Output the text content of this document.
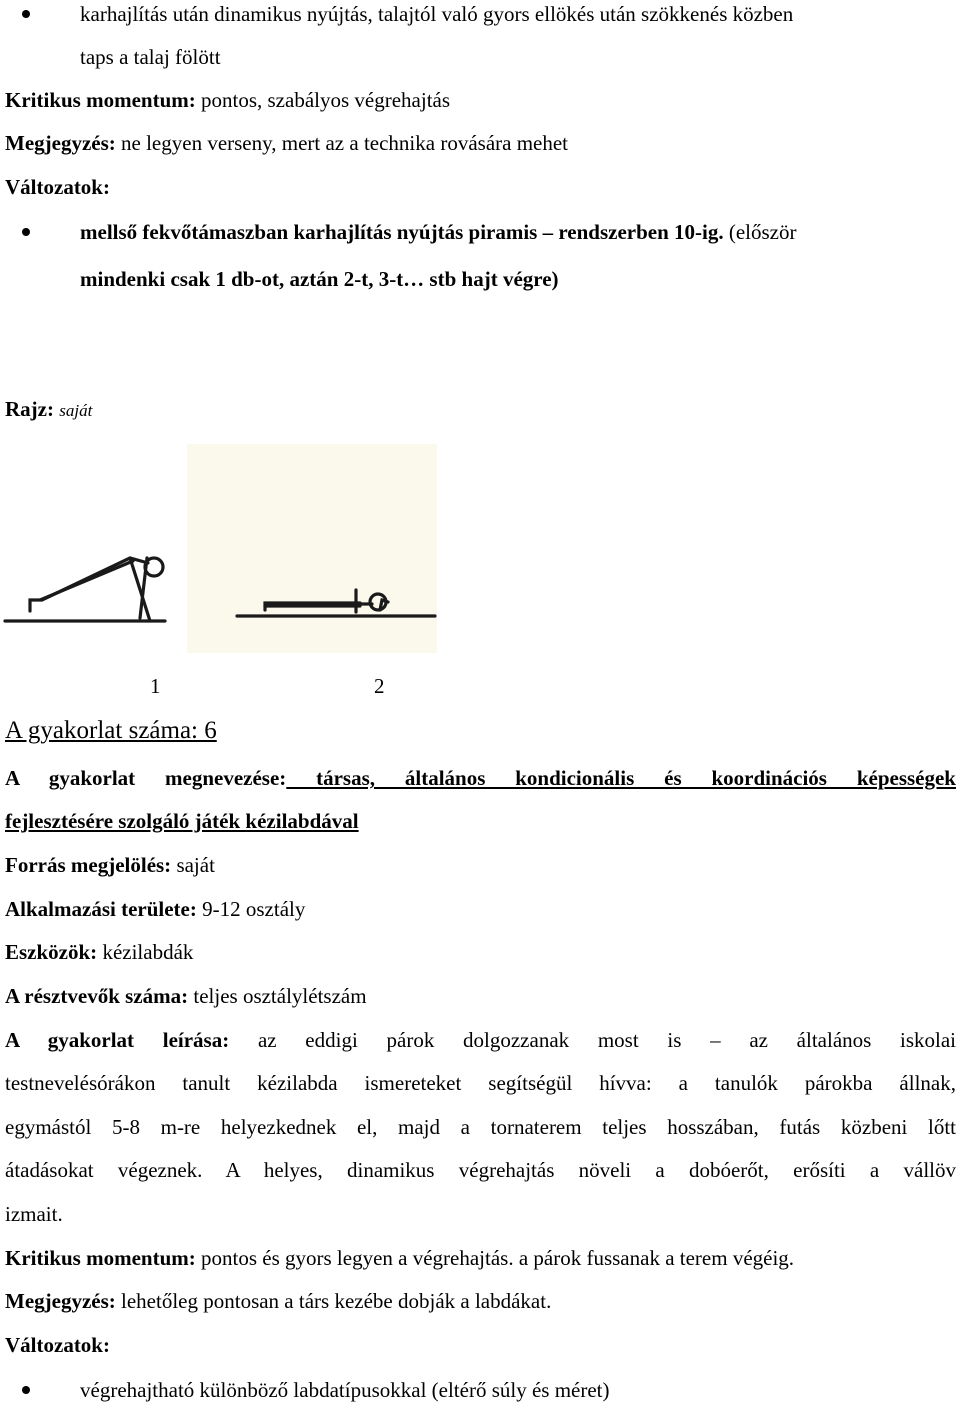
karhajlítás után dinamikus nyújtás, talajtól való gyors ellökés után szökkenés közben
taps a talaj fölött
Kritikus momentum: pontos, szabályos végrehajtás
Megjegyzés: ne legyen verseny, mert az a technika rovására mehet
Változatok:
mellső fekvőtámaszban karhajlítás nyújtás piramis – rendszerben 10-ig. (először
mindenki csak 1 db-ot, aztán 2-t, 3-t… stb hajt végre)
Rajz: saját
1	2
A gyakorlat száma: 6
A gyakorlat megnevezése: társas, általános kondicionális és koordinációs képességek
fejlesztésére szolgáló játék kézilabdával
Forrás megjelölés: saját
Alkalmazási területe: 9-12 osztály
Eszközök: kézilabdák
A résztvevők száma: teljes osztálylétszám
A gyakorlat leírása: az eddigi párok dolgozzanak most is – az általános iskolai
testnevelésórákon tanult kézilabda ismereteket segítségül hívva: a tanulók párokba állnak,
egymástól 5-8 m-re helyezkednek el, majd a tornaterem teljes hosszában, futás közbeni lőtt
átadásokat végeznek. A helyes, dinamikus végrehajtás növeli a dobóerőt, erősíti a vállöv
izmait.
Kritikus momentum: pontos és gyors legyen a végrehajtás. a párok fussanak a terem végéig.
Megjegyzés: lehetőleg pontosan a társ kezébe dobják a labdákat.
Változatok:
végrehajtható különböző labdatípusokkal (eltérő súly és méret)
